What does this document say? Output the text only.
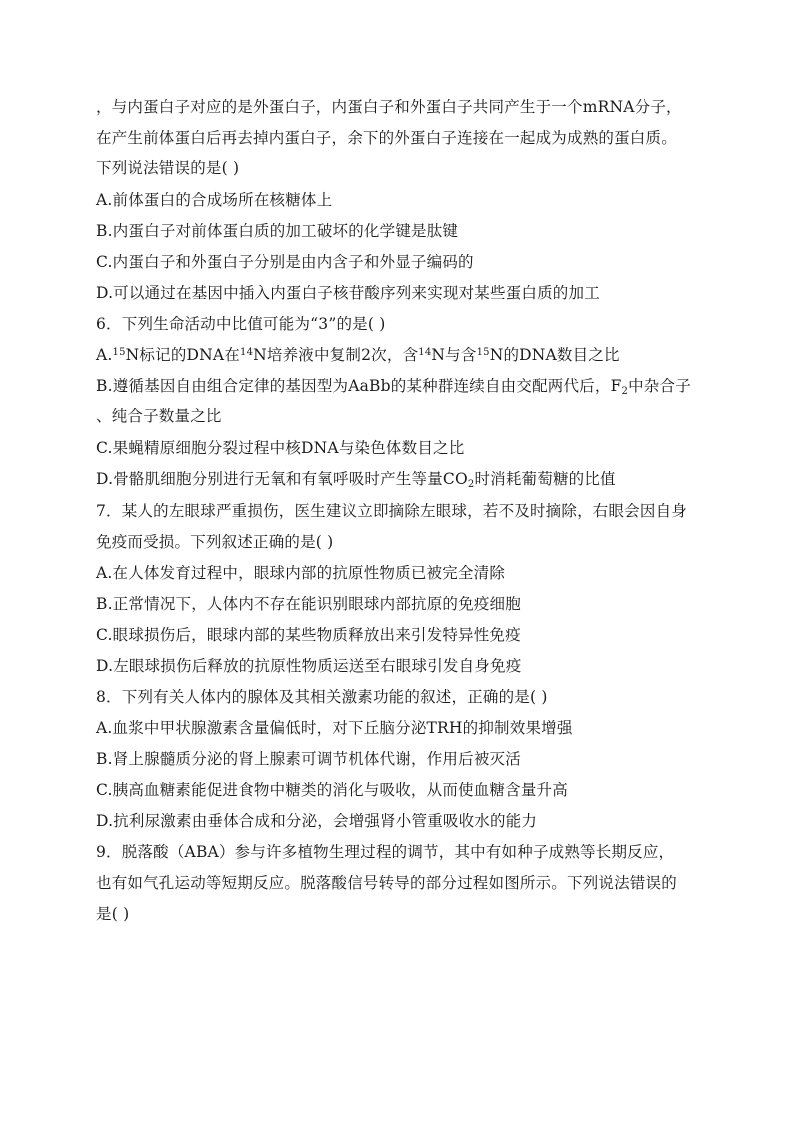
，与内蛋白子对应的是外蛋白子，内蛋白子和外蛋白子共同产生于一个mRNA分子，
在产生前体蛋白后再去掉内蛋白子，余下的外蛋白子连接在一起成为成熟的蛋白质。
下列说法错误的是( )
A.前体蛋白的合成场所在核糖体上
B.内蛋白子对前体蛋白质的加工破坏的化学键是肽键
C.内蛋白子和外蛋白子分别是由内含子和外显子编码的
D.可以通过在基因中插入内蛋白子核苷酸序列来实现对某些蛋白质的加工
6．下列生命活动中比值可能为“3”的是( )
A.$^{15}$N标记的DNA在$^{14}$N培养液中复制2次，含$^{14}$N与含$^{15}$N的DNA数目之比
B.遵循基因自由组合定律的基因型为AaBb的某种群连续自由交配两代后，$F_2$中杂合子
、纯合子数量之比
C.果蝇精原细胞分裂过程中核DNA与染色体数目之比
D.骨骼肌细胞分别进行无氧和有氧呼吸时产生等量$CO_2$时消耗葡萄糖的比值
7．某人的左眼球严重损伤，医生建议立即摘除左眼球，若不及时摘除，右眼会因自身
免疫而受损。下列叙述正确的是( )
A.在人体发育过程中，眼球内部的抗原性物质已被完全清除
B.正常情况下，人体内不存在能识别眼球内部抗原的免疫细胞
C.眼球损伤后，眼球内部的某些物质释放出来引发特异性免疫
D.左眼球损伤后释放的抗原性物质运送至右眼球引发自身免疫
8．下列有关人体内的腺体及其相关激素功能的叙述，正确的是( )
A.血浆中甲状腺激素含量偏低时，对下丘脑分泌TRH的抑制效果增强
B.肾上腺髓质分泌的肾上腺素可调节机体代谢，作用后被灭活
C.胰高血糖素能促进食物中糖类的消化与吸收，从而使血糖含量升高
D.抗利尿激素由垂体合成和分泌，会增强肾小管重吸收水的能力
9．脱落酸（ABA）参与许多植物生理过程的调节，其中有如种子成熟等长期反应，
也有如气孔运动等短期反应。脱落酸信号转导的部分过程如图所示。下列说法错误的
是( )
